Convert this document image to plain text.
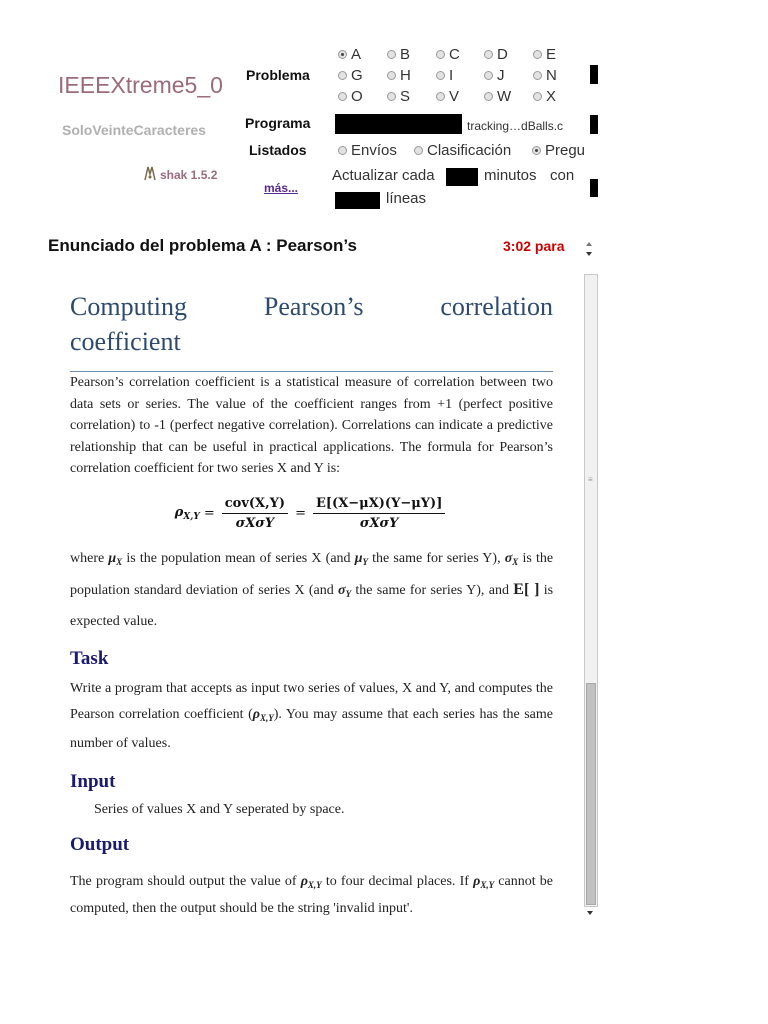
IEEEXtreme5_0
SoloVeinteCaracteres
shak 1.5.2
más...
Problema
A	B	C D	E
G H	I	J	N
O S	V	W X
Programa	tracking…dBalls.c
Listados	Envíos Clasificación Pregu
Actualizar cada	minutos con
líneas
Enunciado del problema A : Pearson’s	3:02 para
Computing Pearson’s correlation
coefficient

Pearson’s correlation coefficient is a statistical measure of correlation between two data sets or series. The value of the coefficient ranges from +1 (perfect positive correlation) to -1 (perfect negative correlation). Correlations can indicate a predictive relationship that can be useful in practical applications. The formula for Pearson’s correlation coefficient for two series X and Y is:

$\rho_{X,Y} = \frac{\text{cov(X,Y)}}{\text{σXσY}} = \frac{E[(X-\mu X)(Y-\mu Y)]}{\text{σXσY}}$

where $\mu_X$ is the population mean of series X (and $\mu_Y$ the same for series Y), $\sigma_X$ is the population standard deviation of series X (and $\sigma_Y$ the same for series Y), and E[ ] is expected value.

Task

Write a program that accepts as input two series of values, X and Y, and computes the Pearson correlation coefficient $(\rho_{X,Y})$. You may assume that each series has the same number of values.

Input

Series of values X and Y seperated by space.

Output

The program should output the value of $\rho_{X,Y}$ to four decimal places. If $\rho_{X,Y}$ cannot be computed, then the output should be the string 'invalid input'.

≡
